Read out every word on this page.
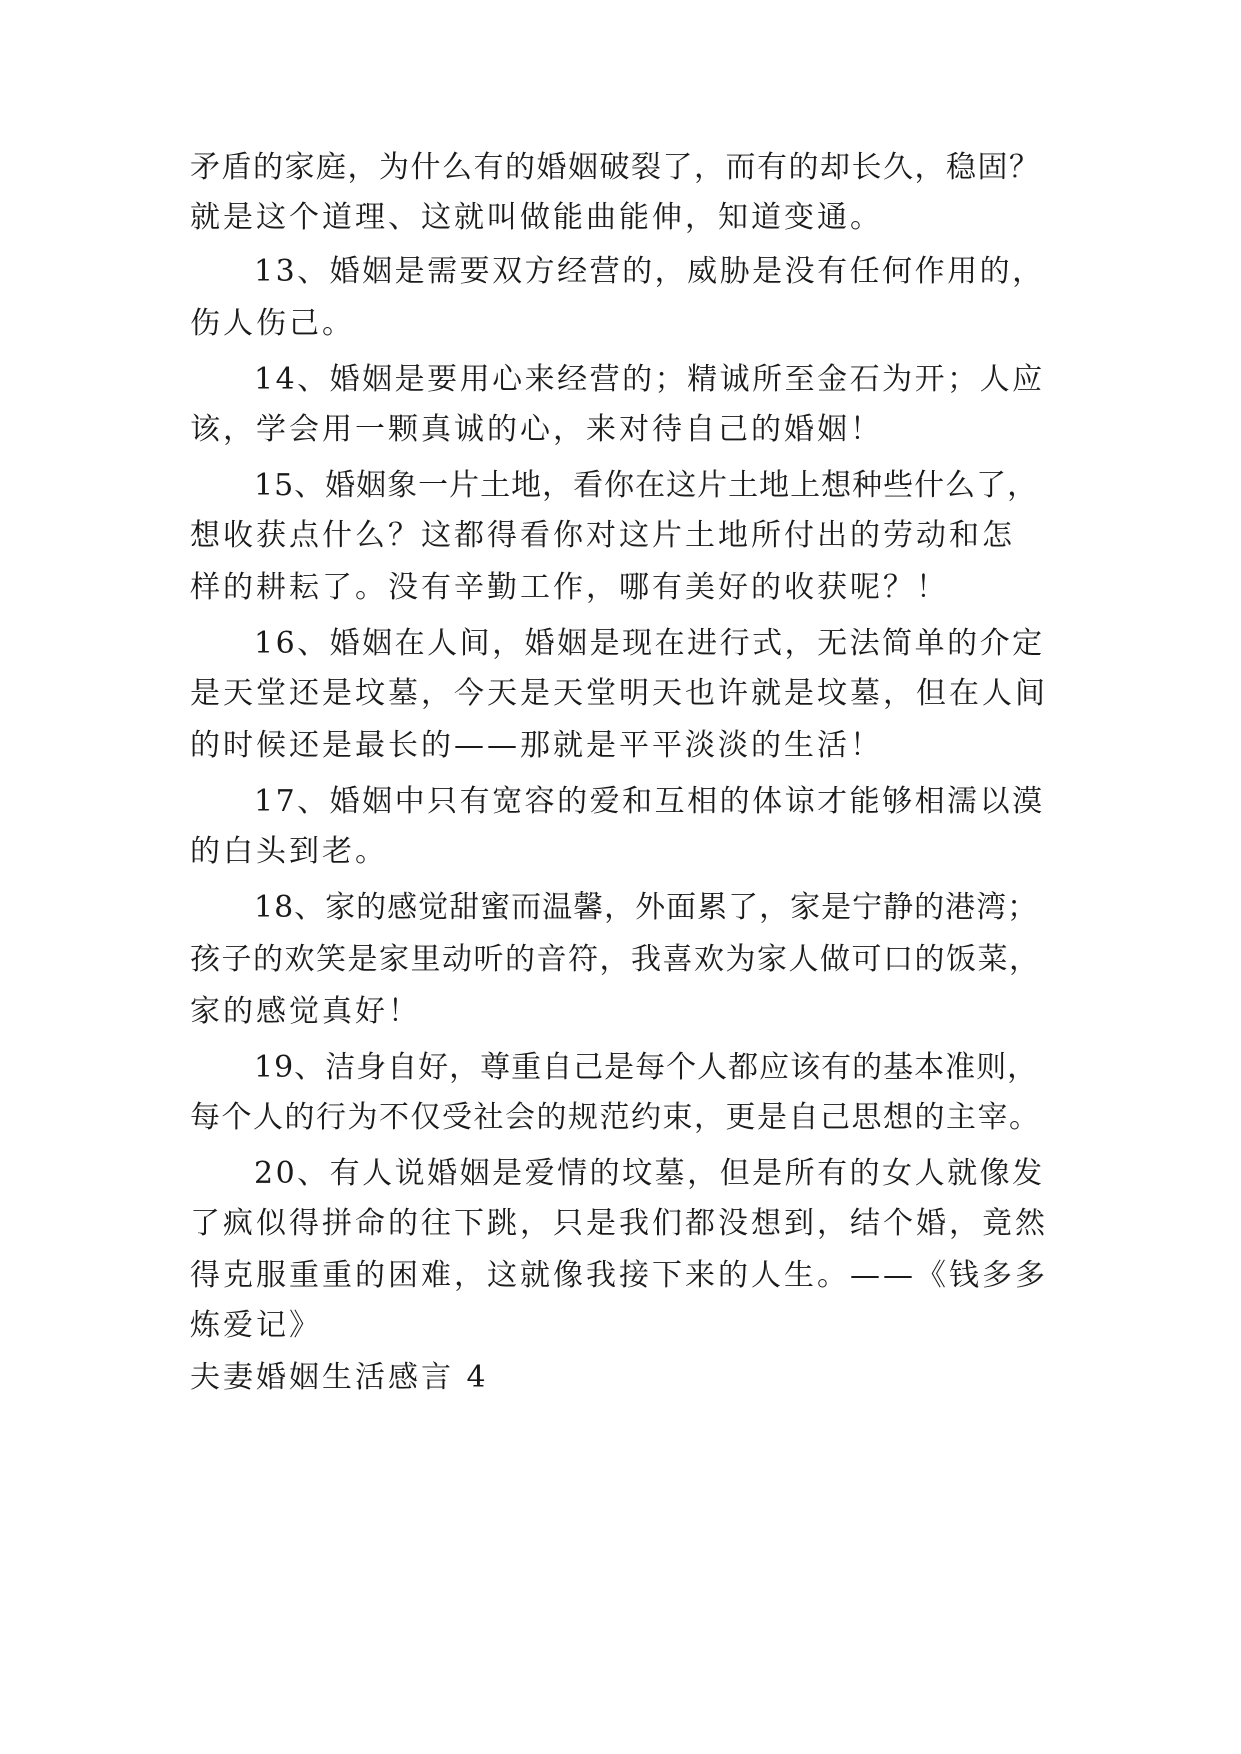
矛盾的家庭，为什么有的婚姻破裂了，而有的却长久，稳固？
就是这个道理、这就叫做能曲能伸，知道变通。
13、婚姻是需要双方经营的，威胁是没有任何作用的，
伤人伤己。
14、婚姻是要用心来经营的；精诚所至金石为开；人应
该，学会用一颗真诚的心，来对待自己的婚姻！
15、婚姻象一片土地，看你在这片土地上想种些什么了，
想收获点什么？这都得看你对这片土地所付出的劳动和怎
样的耕耘了。没有辛勤工作，哪有美好的收获呢？！
16、婚姻在人间，婚姻是现在进行式，无法简单的介定
是天堂还是坟墓，今天是天堂明天也许就是坟墓，但在人间
的时候还是最长的——那就是平平淡淡的生活！
17、婚姻中只有宽容的爱和互相的体谅才能够相濡以漠
的白头到老。
18、家的感觉甜蜜而温馨，外面累了，家是宁静的港湾；
孩子的欢笑是家里动听的音符，我喜欢为家人做可口的饭菜，
家的感觉真好！
19、洁身自好，尊重自己是每个人都应该有的基本准则，
每个人的行为不仅受社会的规范约束，更是自己思想的主宰。
20、有人说婚姻是爱情的坟墓，但是所有的女人就像发
了疯似得拼命的往下跳，只是我们都没想到，结个婚，竟然
得克服重重的困难，这就像我接下来的人生。——《钱多多
炼爱记》
夫妻婚姻生活感言 4
